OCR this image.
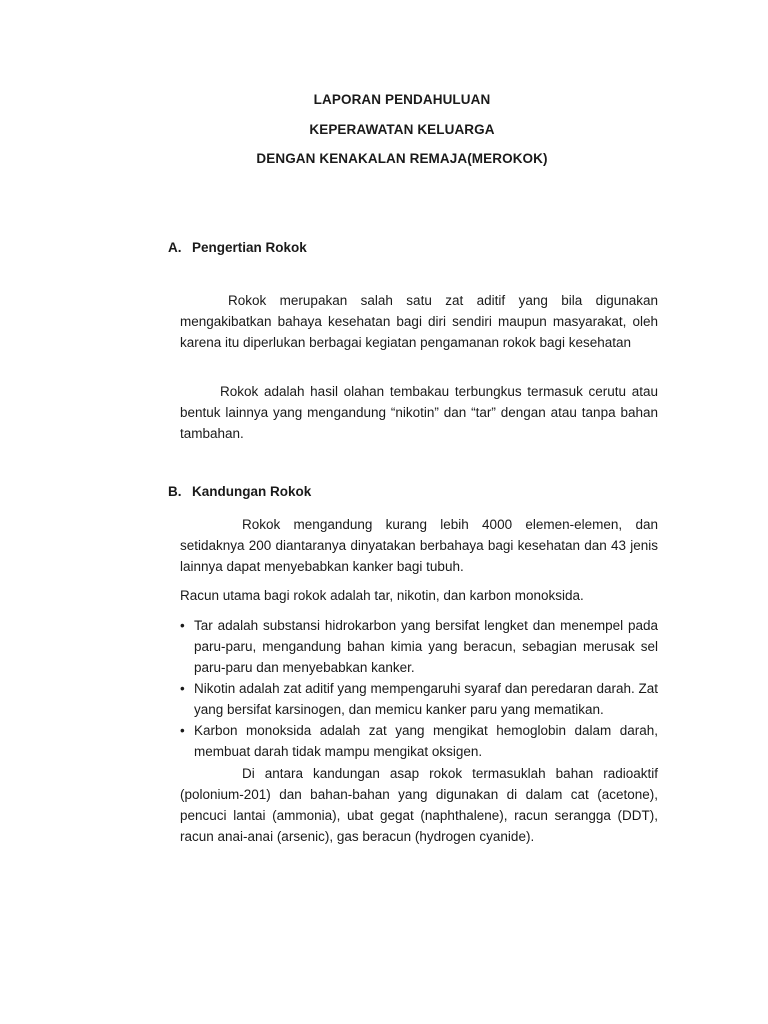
LAPORAN PENDAHULUAN
KEPERAWATAN KELUARGA
DENGAN KENAKALAN REMAJA(MEROKOK)
A. Pengertian Rokok

Rokok merupakan salah satu zat aditif yang bila digunakan mengakibatkan bahaya kesehatan bagi diri sendiri maupun masyarakat, oleh karena itu diperlukan berbagai kegiatan pengamanan rokok bagi kesehatan

Rokok adalah hasil olahan tembakau terbungkus termasuk cerutu atau bentuk lainnya yang mengandung “nikotin” dan “tar” dengan atau tanpa bahan tambahan.

B. Kandungan Rokok

Rokok mengandung kurang lebih 4000 elemen-elemen, dan setidaknya 200 diantaranya dinyatakan berbahaya bagi kesehatan dan 43 jenis lainnya dapat menyebabkan kanker bagi tubuh.

Racun utama bagi rokok adalah tar, nikotin, dan karbon monoksida.

• Tar adalah substansi hidrokarbon yang bersifat lengket dan menempel pada paru-paru, mengandung bahan kimia yang beracun, sebagian merusak sel paru-paru dan menyebabkan kanker.
• Nikotin adalah zat aditif yang mempengaruhi syaraf dan peredaran darah. Zat yang bersifat karsinogen, dan memicu kanker paru yang mematikan.
• Karbon monoksida adalah zat yang mengikat hemoglobin dalam darah, membuat darah tidak mampu mengikat oksigen.

Di antara kandungan asap rokok termasuklah bahan radioaktif (polonium-201) dan bahan-bahan yang digunakan di dalam cat (acetone), pencuci lantai (ammonia), ubat gegat (naphthalene), racun serangga (DDT), racun anai-anai (arsenic), gas beracun (hydrogen cyanide).
